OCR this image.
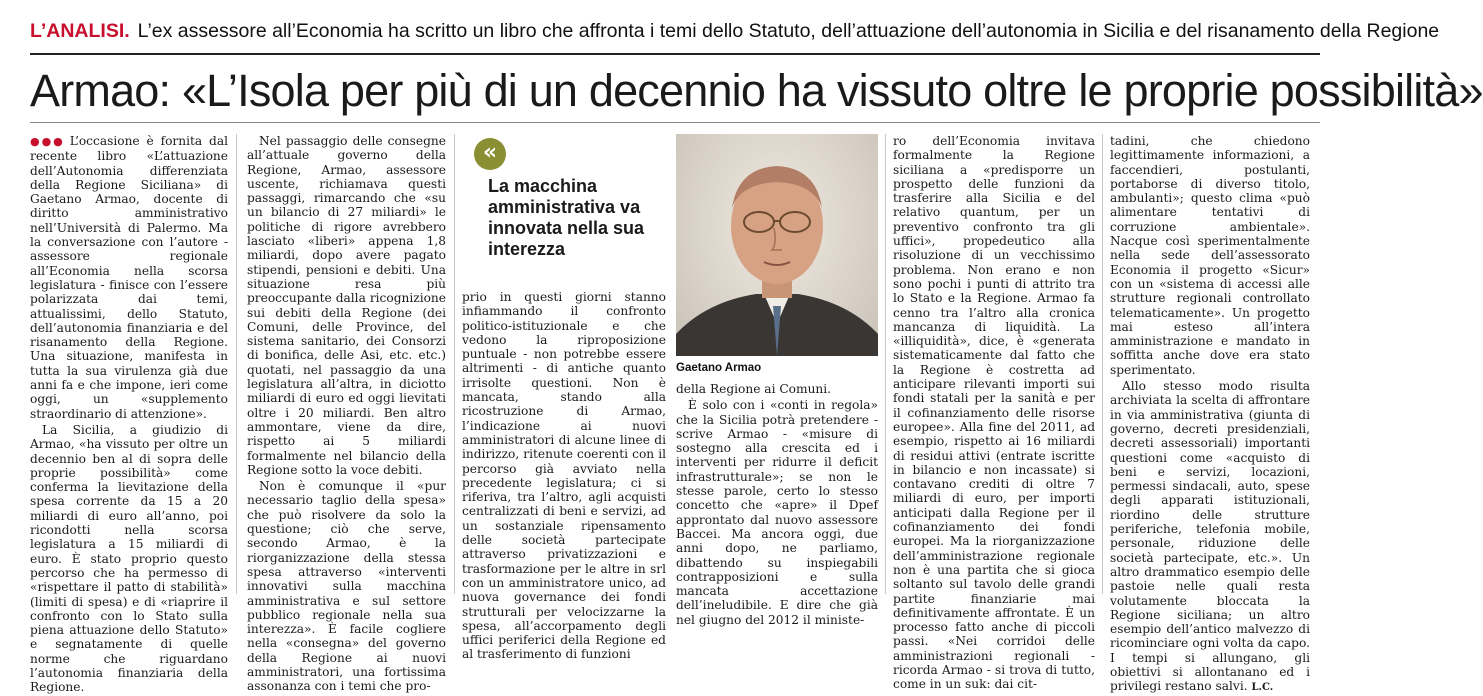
L’ANALISI. L’ex assessore all’Economia ha scritto un libro che affronta i temi dello Statuto, dell’attuazione dell’autonomia in Sicilia e del risanamento della Regione
Armao: «L’Isola per più di un decennio ha vissuto oltre le proprie possibilità»

●●● L’occasione è fornita dal recente libro «L’attuazione dell’Autonomia differenziata della Regione Siciliana» di Gaetano Armao, docente di diritto amministrativo nell’Università di Palermo. Ma la conversazione con l’autore - assessore regionale all’Economia nella scorsa legislatura - finisce con l’essere polarizzata dai temi, attualissimi, dello Statuto, dell’autonomia finanziaria e del risanamento della Regione. Una situazione, manifesta in tutta la sua virulenza già due anni fa e che impone, ieri come oggi, un «supplemento straordinario di attenzione».

La Sicilia, a giudizio di Armao, «ha vissuto per oltre un decennio ben al di sopra delle proprie possibilità» come conferma la lievitazione della spesa corrente da 15 a 20 miliardi di euro all’anno, poi ricondotti nella scorsa legislatura a 15 miliardi di euro. È stato proprio questo percorso che ha permesso di «rispettare il patto di stabilità» (limiti di spesa) e di «riaprire il confronto con lo Stato sulla piena attuazione dello Statuto» e segnatamente di quelle norme che riguardano l’autonomia finanziaria della Regione.

Nel passaggio delle consegne all’attuale governo della Regione, Armao, assessore uscente, richiamava questi passaggi, rimarcando che «su un bilancio di 27 miliardi» le politiche di rigore avrebbero lasciato «liberi» appena 1,8 miliardi, dopo avere pagato stipendi, pensioni e debiti. Una situazione resa più preoccupante dalla ricognizione sui debiti della Regione (dei Comuni, delle Province, del sistema sanitario, dei Consorzi di bonifica, delle Asi, etc. etc.) quotati, nel passaggio da una legislatura all’altra, in diciotto miliardi di euro ed oggi lievitati oltre i 20 miliardi. Ben altro ammontare, viene da dire, rispetto ai 5 miliardi formalmente nel bilancio della Regione sotto la voce debiti.

Non è comunque il «pur necessario taglio della spesa» che può risolvere da solo la questione; ciò che serve, secondo Armao, è la riorganizzazione della stessa spesa attraverso «interventi innovativi sulla macchina amministrativa e sul settore pubblico regionale nella sua interezza». È facile cogliere nella «consegna» del governo della Regione ai nuovi amministratori, una fortissima assonanza con i temi che pro-

«
La macchina amministrativa va innovata nella sua interezza

prio in questi giorni stanno infiammando il confronto politico-istituzionale e che vedono la riproposizione puntuale - non potrebbe essere altrimenti - di antiche quanto irrisolte questioni. Non è mancata, stando alla ricostruzione di Armao, l’indicazione ai nuovi amministratori di alcune linee di indirizzo, ritenute coerenti con il percorso già avviato nella precedente legislatura; ci si riferiva, tra l’altro, agli acquisti centralizzati di beni e servizi, ad un sostanziale ripensamento delle società partecipate attraverso privatizzazioni e trasformazione per le altre in srl con un amministratore unico, ad nuova governance dei fondi strutturali per velocizzarne la spesa, all’accorpamento degli uffici periferici della Regione ed al trasferimento di funzioni

Gaetano Armao

della Regione ai Comuni.

È solo con i «conti in regola» che la Sicilia potrà pretendere - scrive Armao - «misure di sostegno alla crescita ed i interventi per ridurre il deficit infrastrutturale»; se non le stesse parole, certo lo stesso concetto che «apre» il Dpef approntato dal nuovo assessore Baccei. Ma ancora oggi, due anni dopo, ne parliamo, dibattendo su inspiegabili contrapposizioni e sulla mancata accettazione dell’ineludibile. E dire che già nel giugno del 2012 il ministe-

ro dell’Economia invitava formalmente la Regione siciliana a «predisporre un prospetto delle funzioni da trasferire alla Sicilia e del relativo quantum, per un preventivo confronto tra gli uffici», propedeutico alla risoluzione di un vecchissimo problema. Non erano e non sono pochi i punti di attrito tra lo Stato e la Regione. Armao fa cenno tra l’altro alla cronica mancanza di liquidità. La «illiquidità», dice, è «generata sistematicamente dal fatto che la Regione è costretta ad anticipare rilevanti importi sui fondi statali per la sanità e per il cofinanziamento delle risorse europee». Alla fine del 2011, ad esempio, rispetto ai 16 miliardi di residui attivi (entrate iscritte in bilancio e non incassate) si contavano crediti di oltre 7 miliardi di euro, per importi anticipati dalla Regione per il cofinanziamento dei fondi europei. Ma la riorganizzazione dell’amministrazione regionale non è una partita che si gioca soltanto sul tavolo delle grandi partite finanziarie mai definitivamente affrontate. È un processo fatto anche di piccoli passi. «Nei corridoi delle amministrazioni regionali - ricorda Armao - si trova di tutto, come in un suk: dai cit-

tadini, che chiedono legittimamente informazioni, a faccendieri, postulanti, portaborse di diverso titolo, ambulanti»; questo clima «può alimentare tentativi di corruzione ambientale». Nacque così sperimentalmente nella sede dell’assessorato Economia il progetto «Sicur» con un «sistema di accessi alle strutture regionali controllato telematicamente». Un progetto mai esteso all’intera amministrazione e mandato in soffitta anche dove era stato sperimentato.

Allo stesso modo risulta archiviata la scelta di affrontare in via amministrativa (giunta di governo, decreti presidenziali, decreti assessoriali) importanti questioni come «acquisto di beni e servizi, locazioni, permessi sindacali, auto, spese degli apparati istituzionali, riordino delle strutture periferiche, telefonia mobile, personale, riduzione delle società partecipate, etc.». Un altro drammatico esempio delle pastoie nelle quali resta volutamente bloccata la Regione siciliana; un altro esempio dell’antico malvezzo di ricominciare ogni volta da capo. I tempi si allungano, gli obiettivi si allontanano ed i privilegi restano salvi. L.C.
